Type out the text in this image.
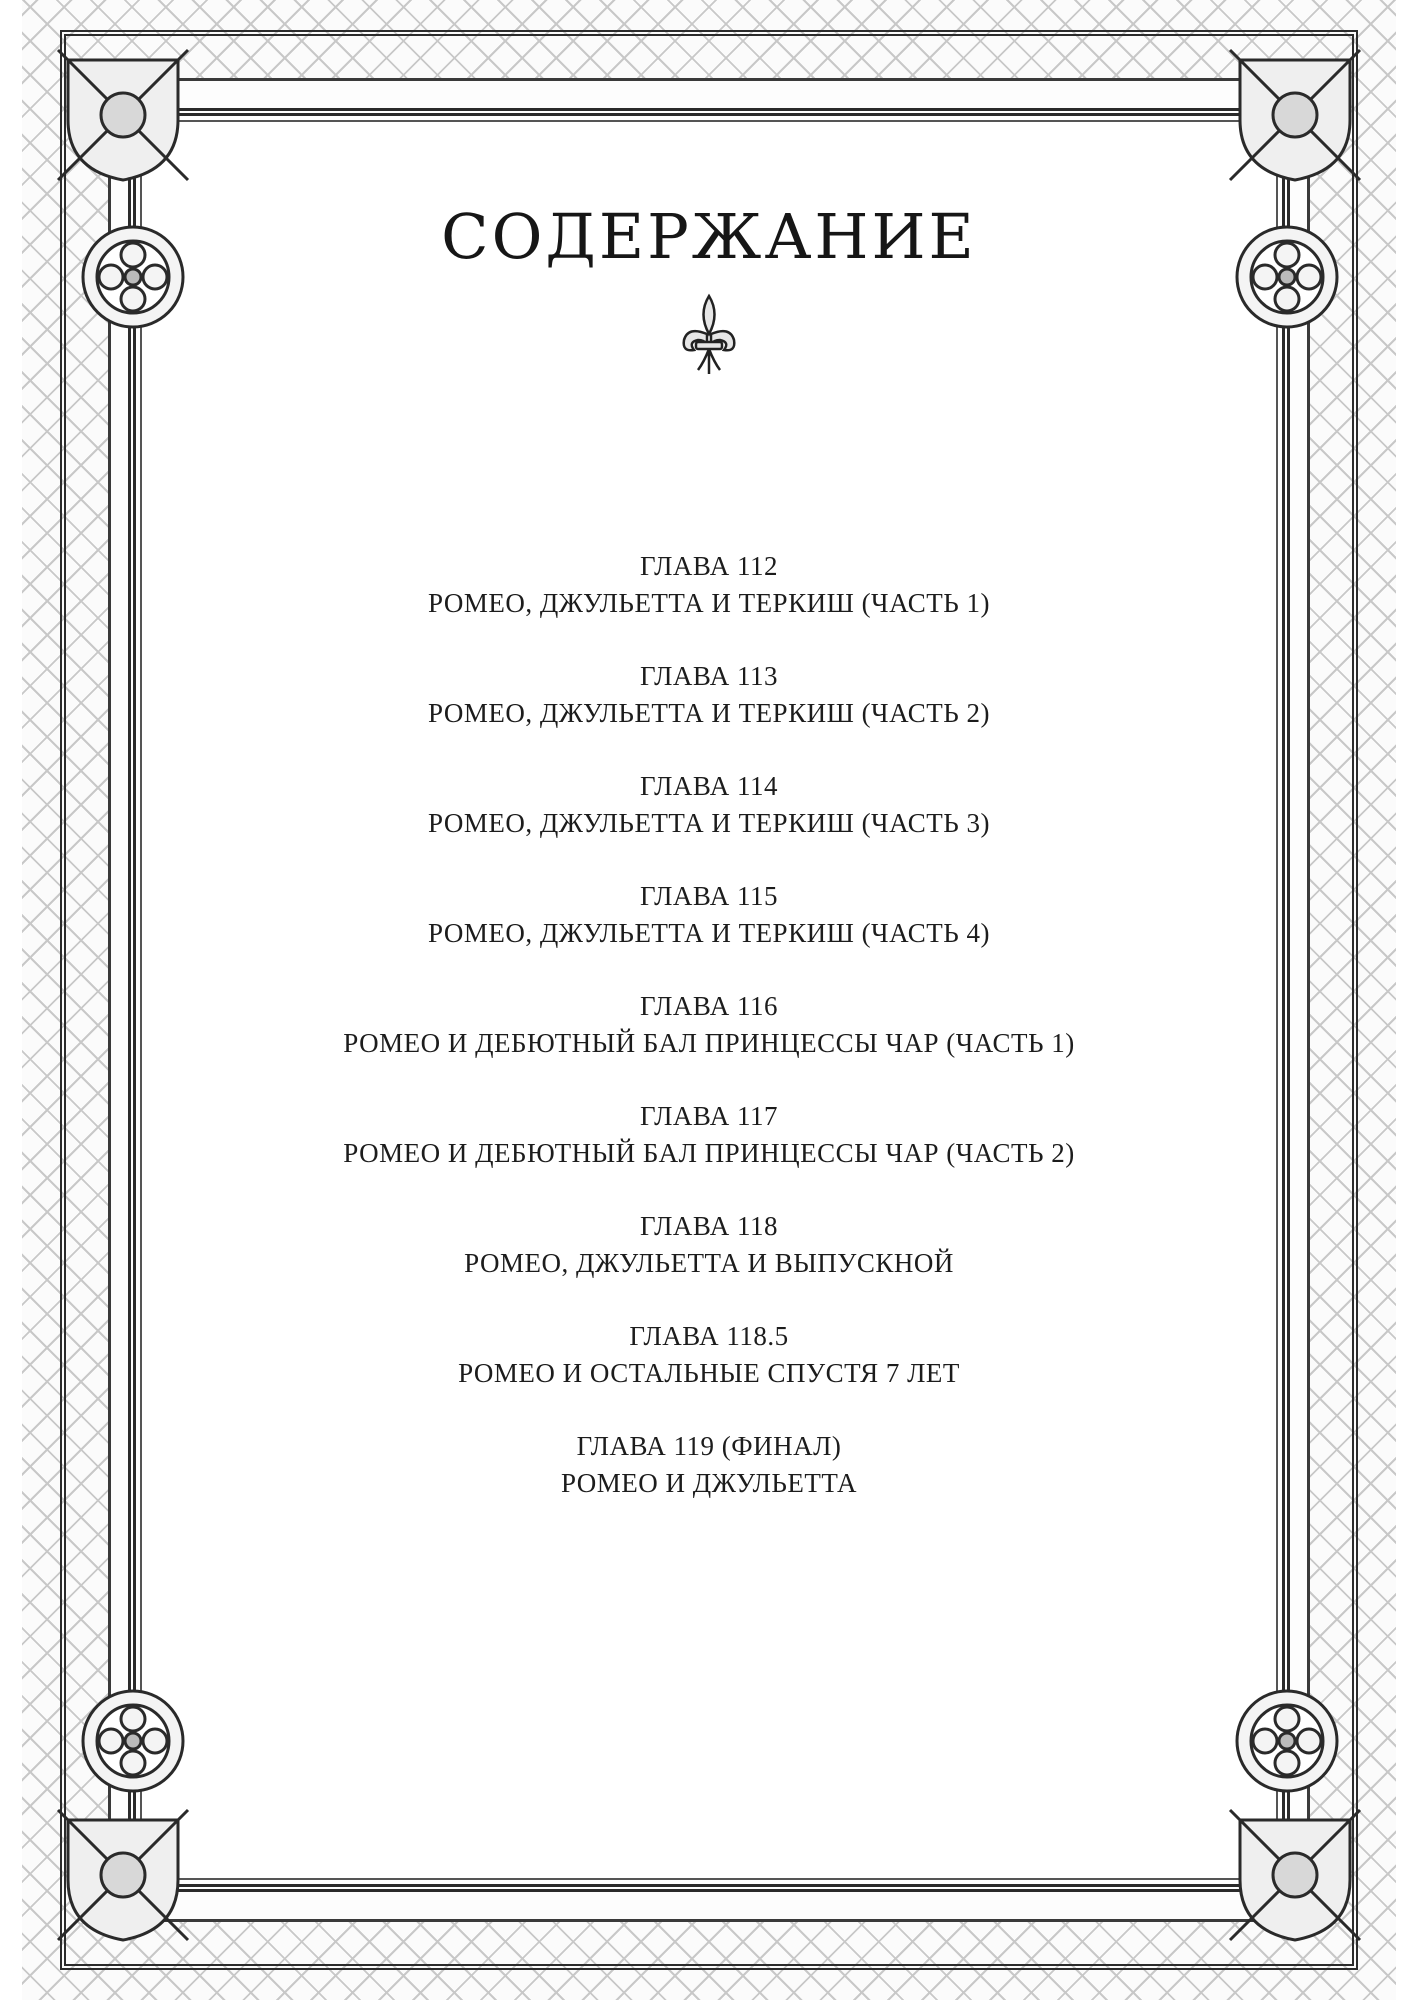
СОДЕРЖАНИЕ
ГЛАВА 112
РОМЕО, ДЖУЛЬЕТТА И ТЕРКИШ (ЧАСТЬ 1)
ГЛАВА 113
РОМЕО, ДЖУЛЬЕТТА И ТЕРКИШ (ЧАСТЬ 2)
ГЛАВА 114
РОМЕО, ДЖУЛЬЕТТА И ТЕРКИШ (ЧАСТЬ 3)
ГЛАВА 115
РОМЕО, ДЖУЛЬЕТТА И ТЕРКИШ (ЧАСТЬ 4)
ГЛАВА 116
РОМЕО И ДЕБЮТНЫЙ БАЛ ПРИНЦЕССЫ ЧАР (ЧАСТЬ 1)
ГЛАВА 117
РОМЕО И ДЕБЮТНЫЙ БАЛ ПРИНЦЕССЫ ЧАР (ЧАСТЬ 2)
ГЛАВА 118
РОМЕО, ДЖУЛЬЕТТА И ВЫПУСКНОЙ
ГЛАВА 118.5
РОМЕО И ОСТАЛЬНЫЕ СПУСТЯ 7 ЛЕТ
ГЛАВА 119 (ФИНАЛ)
РОМЕО И ДЖУЛЬЕТТА
